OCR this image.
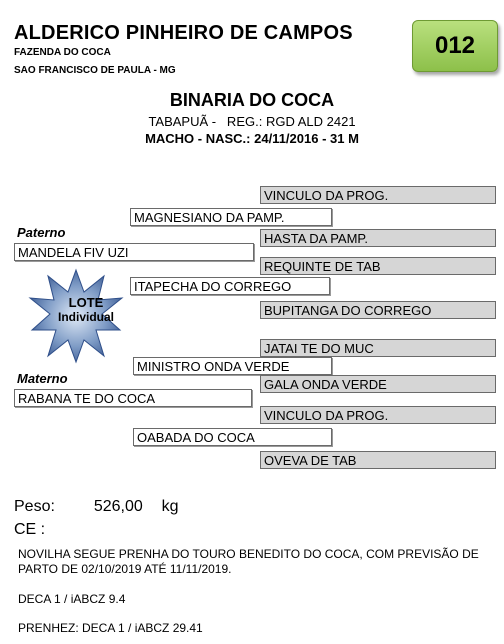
ALDERICO PINHEIRO DE CAMPOS
FAZENDA DO COCA
SAO FRANCISCO DE PAULA - MG
012
BINARIA DO COCA
TABAPUÃ -   REG.: RGD ALD 2421
MACHO - NASC.: 24/11/2016 - 31 M
Paterno
Materno
MANDELA FIV UZI
MAGNESIANO DA PAMP.
ITAPECHA DO CORREGO
VINCULO DA PROG.
HASTA DA PAMP.
REQUINTE DE TAB
BUPITANGA DO CORREGO
RABANA TE DO COCA
MINISTRO ONDA VERDE
OABADA DO COCA
JATAI TE DO MUC
GALA ONDA VERDE
VINCULO DA PROG.
OVEVA DE TAB
LOTE
Individual
Peso: 526,00 kg
CE :
NOVILHA SEGUE PRENHA DO TOURO BENEDITO DO COCA, COM PREVISÃO DE PARTO DE 02/10/2019 ATÉ 11/11/2019.
DECA 1 / iABCZ 9.4
PRENHEZ: DECA 1 / iABCZ 29.41
